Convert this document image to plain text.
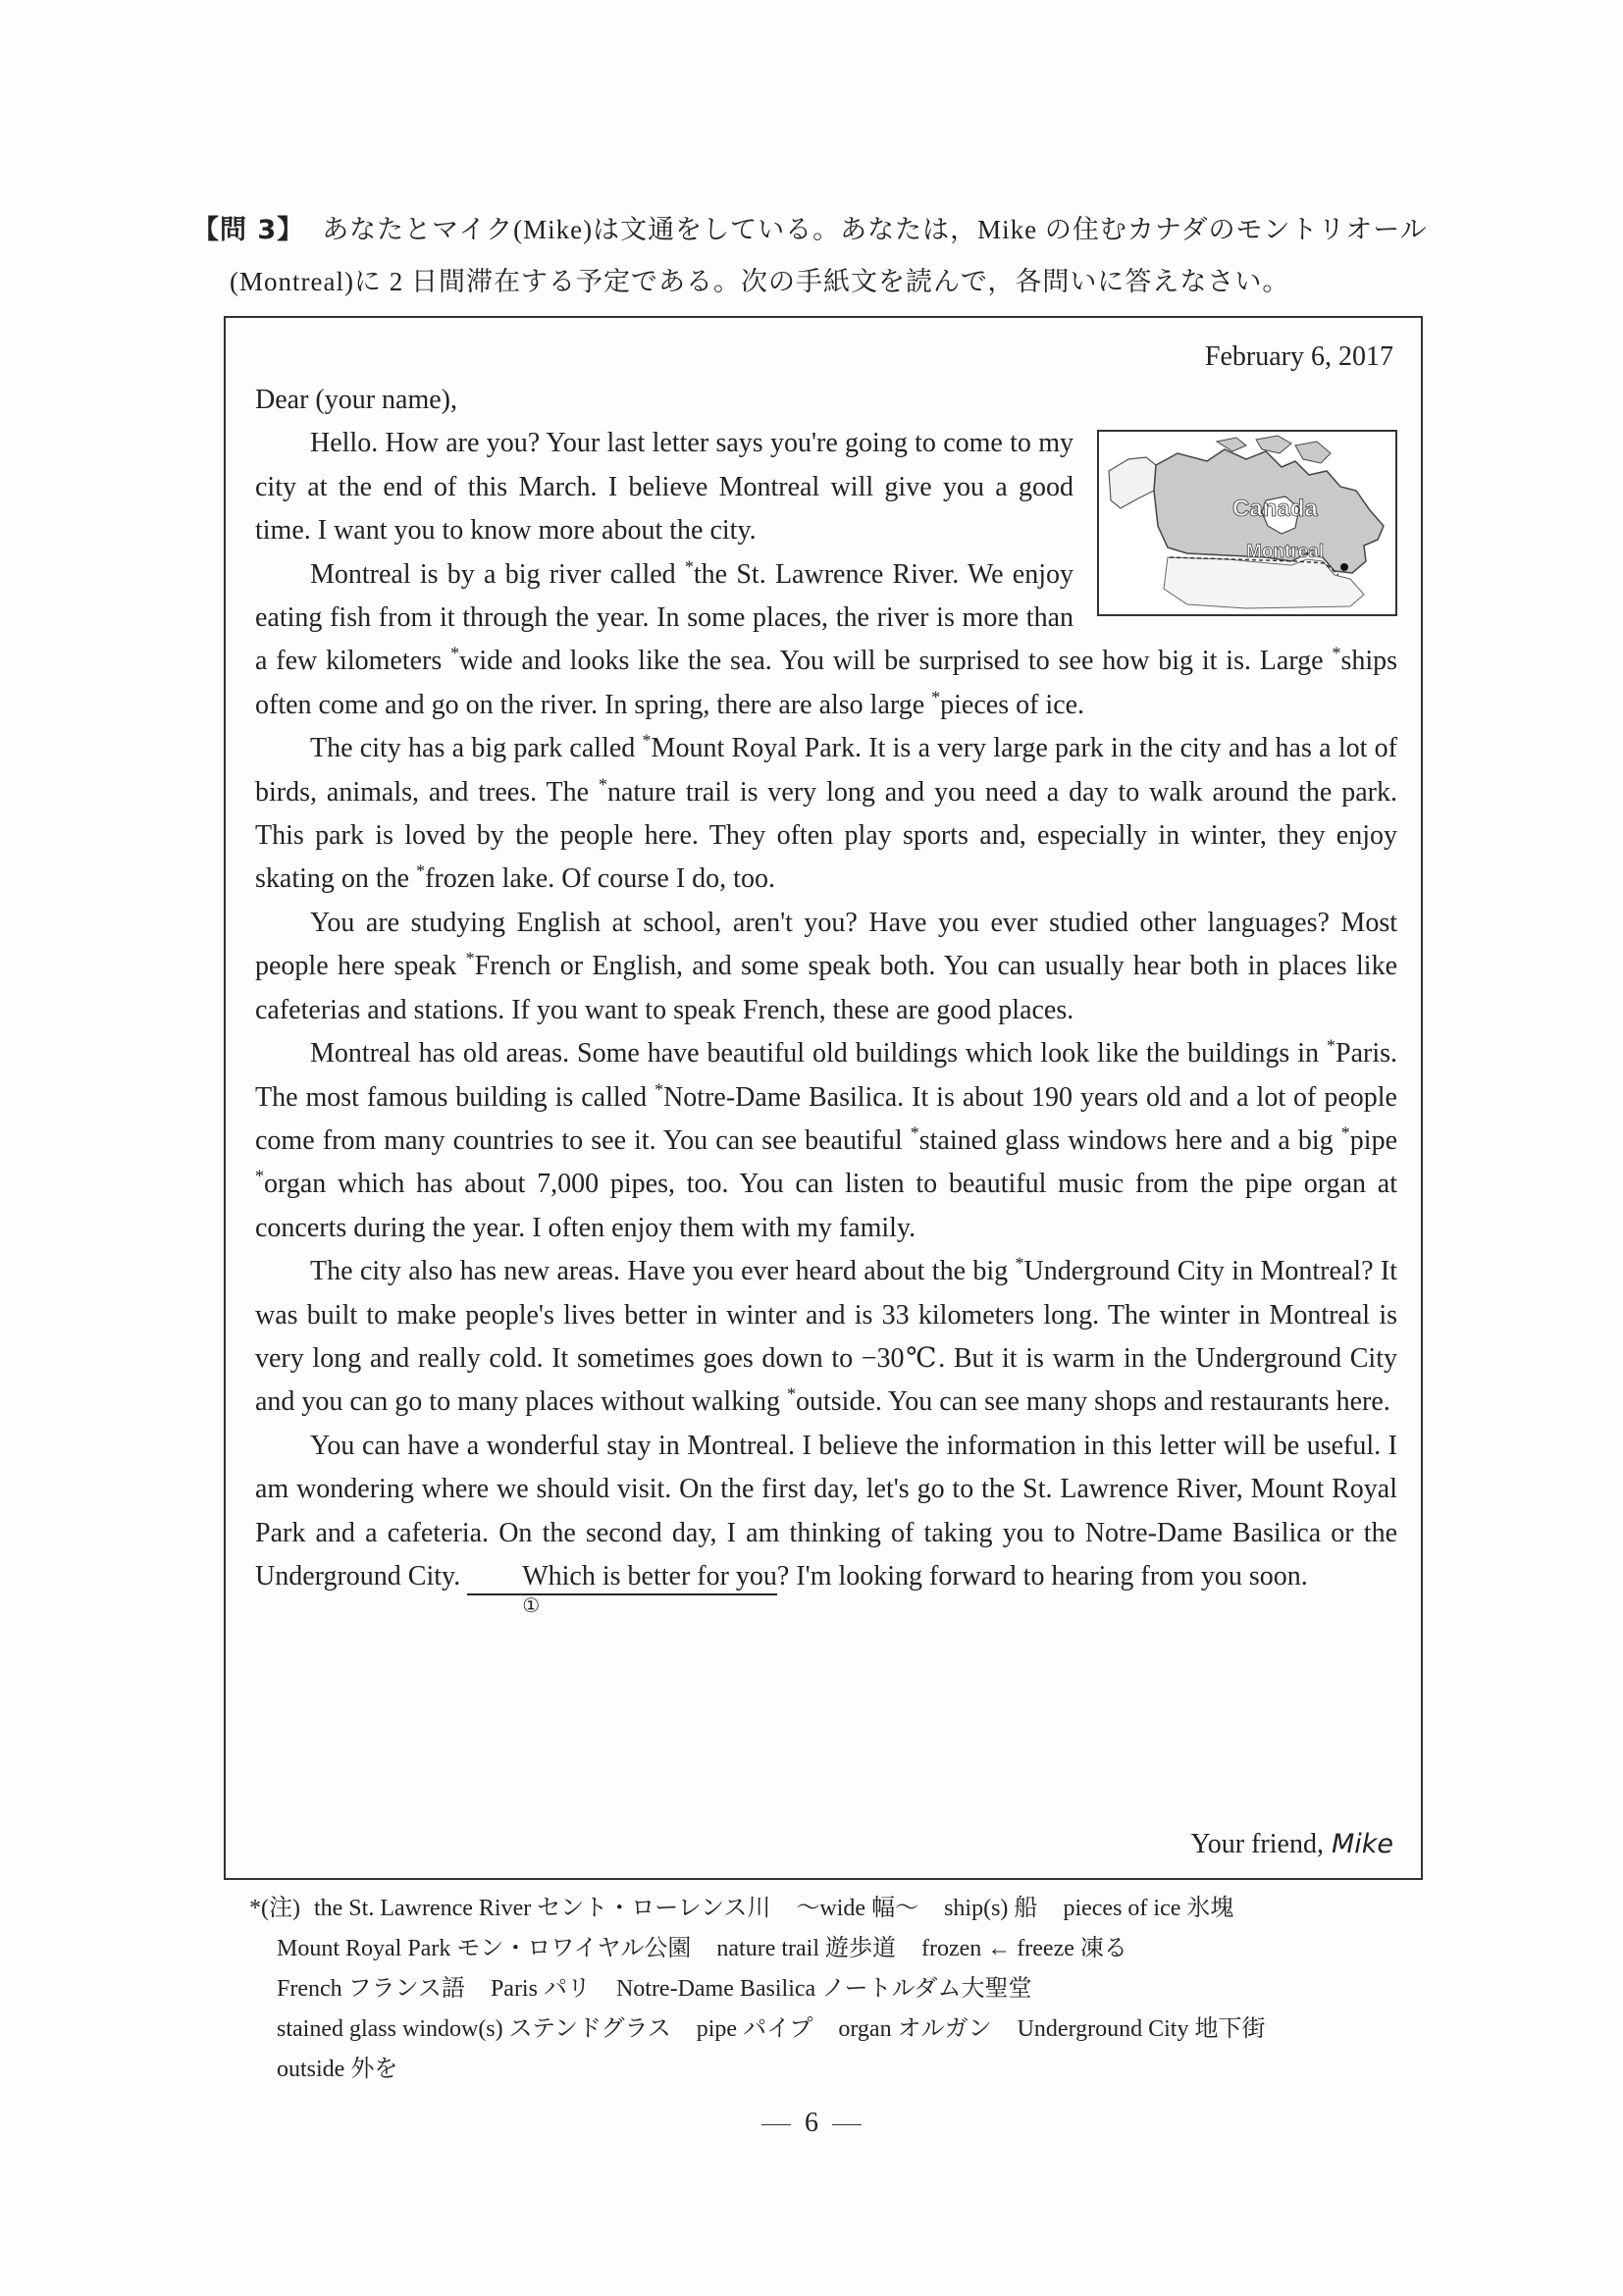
【問 3】 あなたとマイク(Mike)は文通をしている。あなたは，Mike の住むカナダのモントリオール
(Montreal)に 2 日間滞在する予定である。次の手紙文を読んで，各問いに答えなさい。
February 6, 2017

Dear (your name),

Canada
Montreal
Hello. How are you? Your last letter says you're going to come to my city at the end of this March. I believe Montreal will give you a good time. I want you to know more about the city.

Montreal is by a big river called *the St. Lawrence River. We enjoy eating fish from it through the year. In some places, the river is more than a few kilometers *wide and looks like the sea. You will be surprised to see how big it is. Large *ships often come and go on the river. In spring, there are also large *pieces of ice.

The city has a big park called *Mount Royal Park. It is a very large park in the city and has a lot of birds, animals, and trees. The *nature trail is very long and you need a day to walk around the park. This park is loved by the people here. They often play sports and, especially in winter, they enjoy skating on the *frozen lake. Of course I do, too.

You are studying English at school, aren't you? Have you ever studied other languages? Most people here speak *French or English, and some speak both. You can usually hear both in places like cafeterias and stations. If you want to speak French, these are good places.

Montreal has old areas. Some have beautiful old buildings which look like the buildings in *Paris. The most famous building is called *Notre-Dame Basilica. It is about 190 years old and a lot of people come from many countries to see it. You can see beautiful *stained glass windows here and a big *pipe *organ which has about 7,000 pipes, too. You can listen to beautiful music from the pipe organ at concerts during the year. I often enjoy them with my family.

The city also has new areas. Have you ever heard about the big *Underground City in Montreal? It was built to make people's lives better in winter and is 33 kilometers long. The winter in Montreal is very long and really cold. It sometimes goes down to −30℃. But it is warm in the Underground City and you can go to many places without walking *outside. You can see many shops and restaurants here.

You can have a wonderful stay in Montreal. I believe the information in this letter will be useful. I am wondering where we should visit. On the first day, let's go to the St. Lawrence River, Mount Royal Park and a cafeteria. On the second day, I am thinking of taking you to Notre-Dame Basilica or the Underground City. Which is better for you
①
? I'm looking forward to hearing from you soon.

Your friend, Mike
*(注) the St. Lawrence River セント・ローレンス川 〜wide 幅〜 ship(s) 船 pieces of ice 氷塊
Mount Royal Park モン・ロワイヤル公園 nature trail 遊歩道 frozen ← freeze 凍る
French フランス語 Paris パリ Notre-Dame Basilica ノートルダム大聖堂
stained glass window(s) ステンドグラス pipe パイプ organ オルガン Underground City 地下街
outside 外を
6
